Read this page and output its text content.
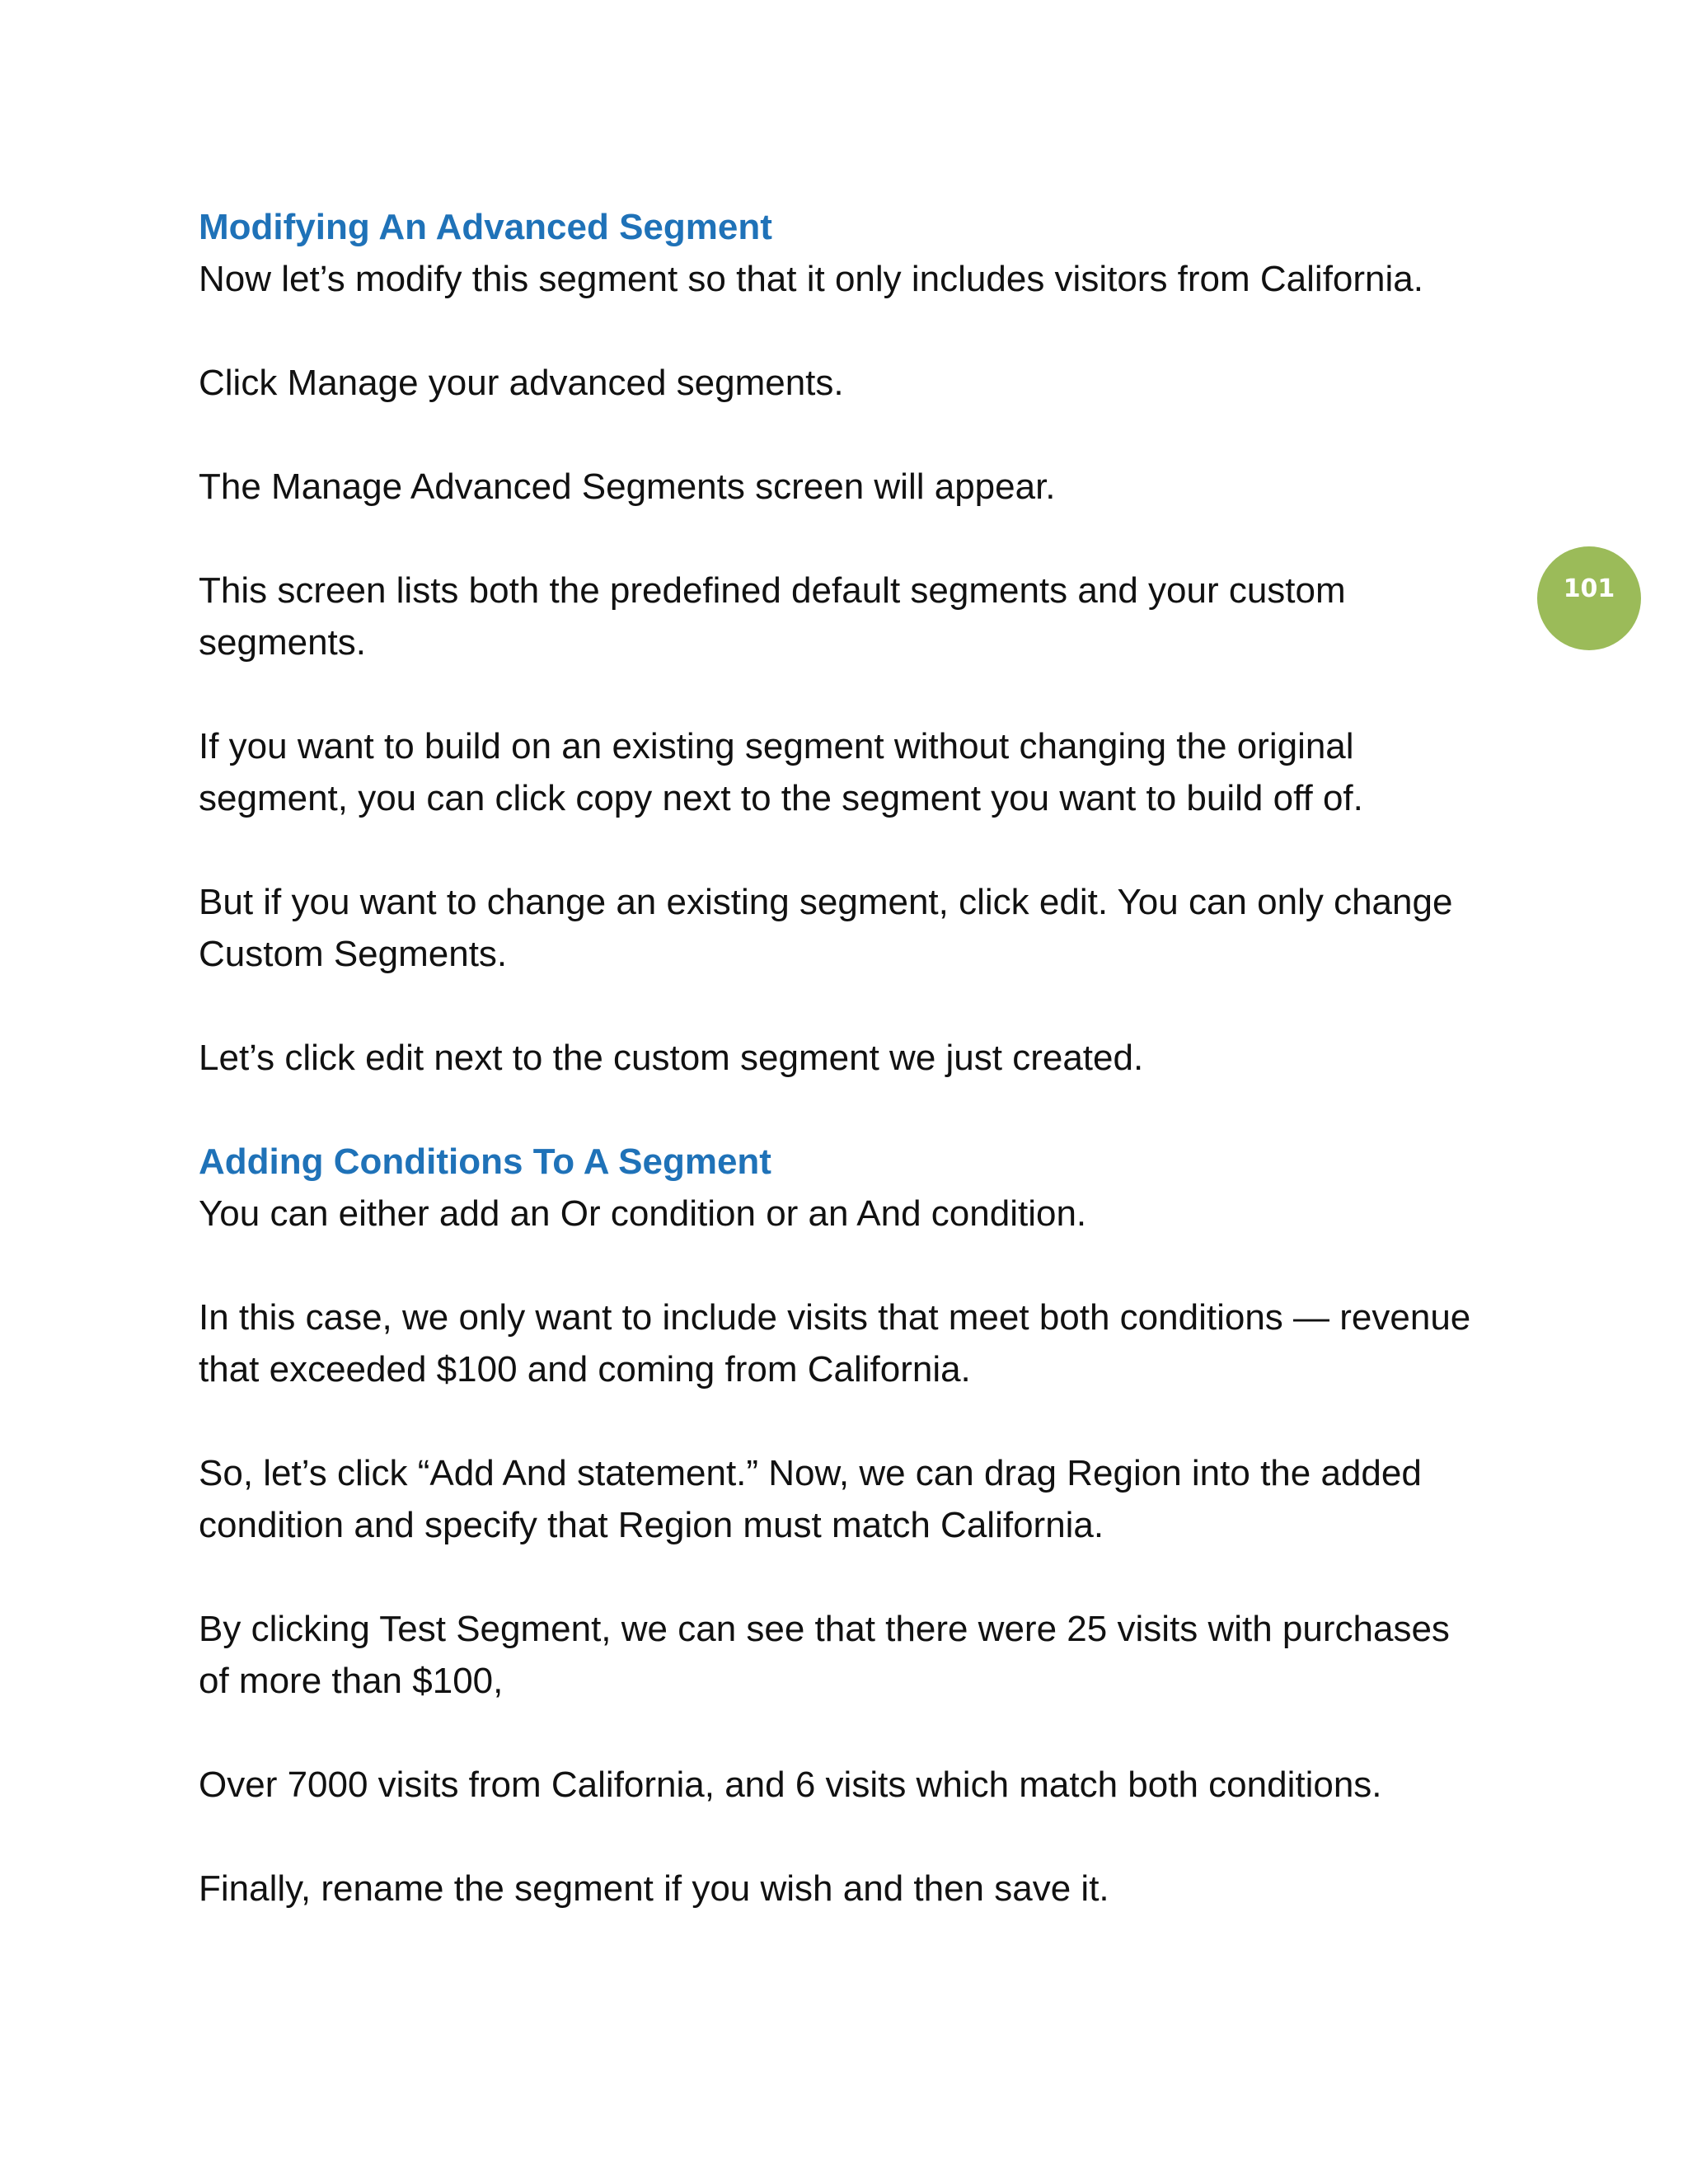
Modifying An Advanced Segment

Now let’s modify this segment so that it only includes visitors from California.

Click Manage your advanced segments.

The Manage Advanced Segments screen will appear.

This screen lists both the predefined default segments and your custom segments.

If you want to build on an existing segment without changing the original segment, you can click copy next to the segment you want to build off of.

But if you want to change an existing segment, click edit. You can only change Custom Segments.

Let’s click edit next to the custom segment we just created.

Adding Conditions To A Segment

You can either add an Or condition or an And condition.

In this case, we only want to include visits that meet both conditions — revenue that exceeded $100 and coming from California.

So, let’s click “Add And statement.” Now, we can drag Region into the added condition and specify that Region must match California.

By clicking Test Segment, we can see that there were 25 visits with purchases of more than $100,

Over 7000 visits from California, and 6 visits which match both conditions.

Finally, rename the segment if you wish and then save it.

101
